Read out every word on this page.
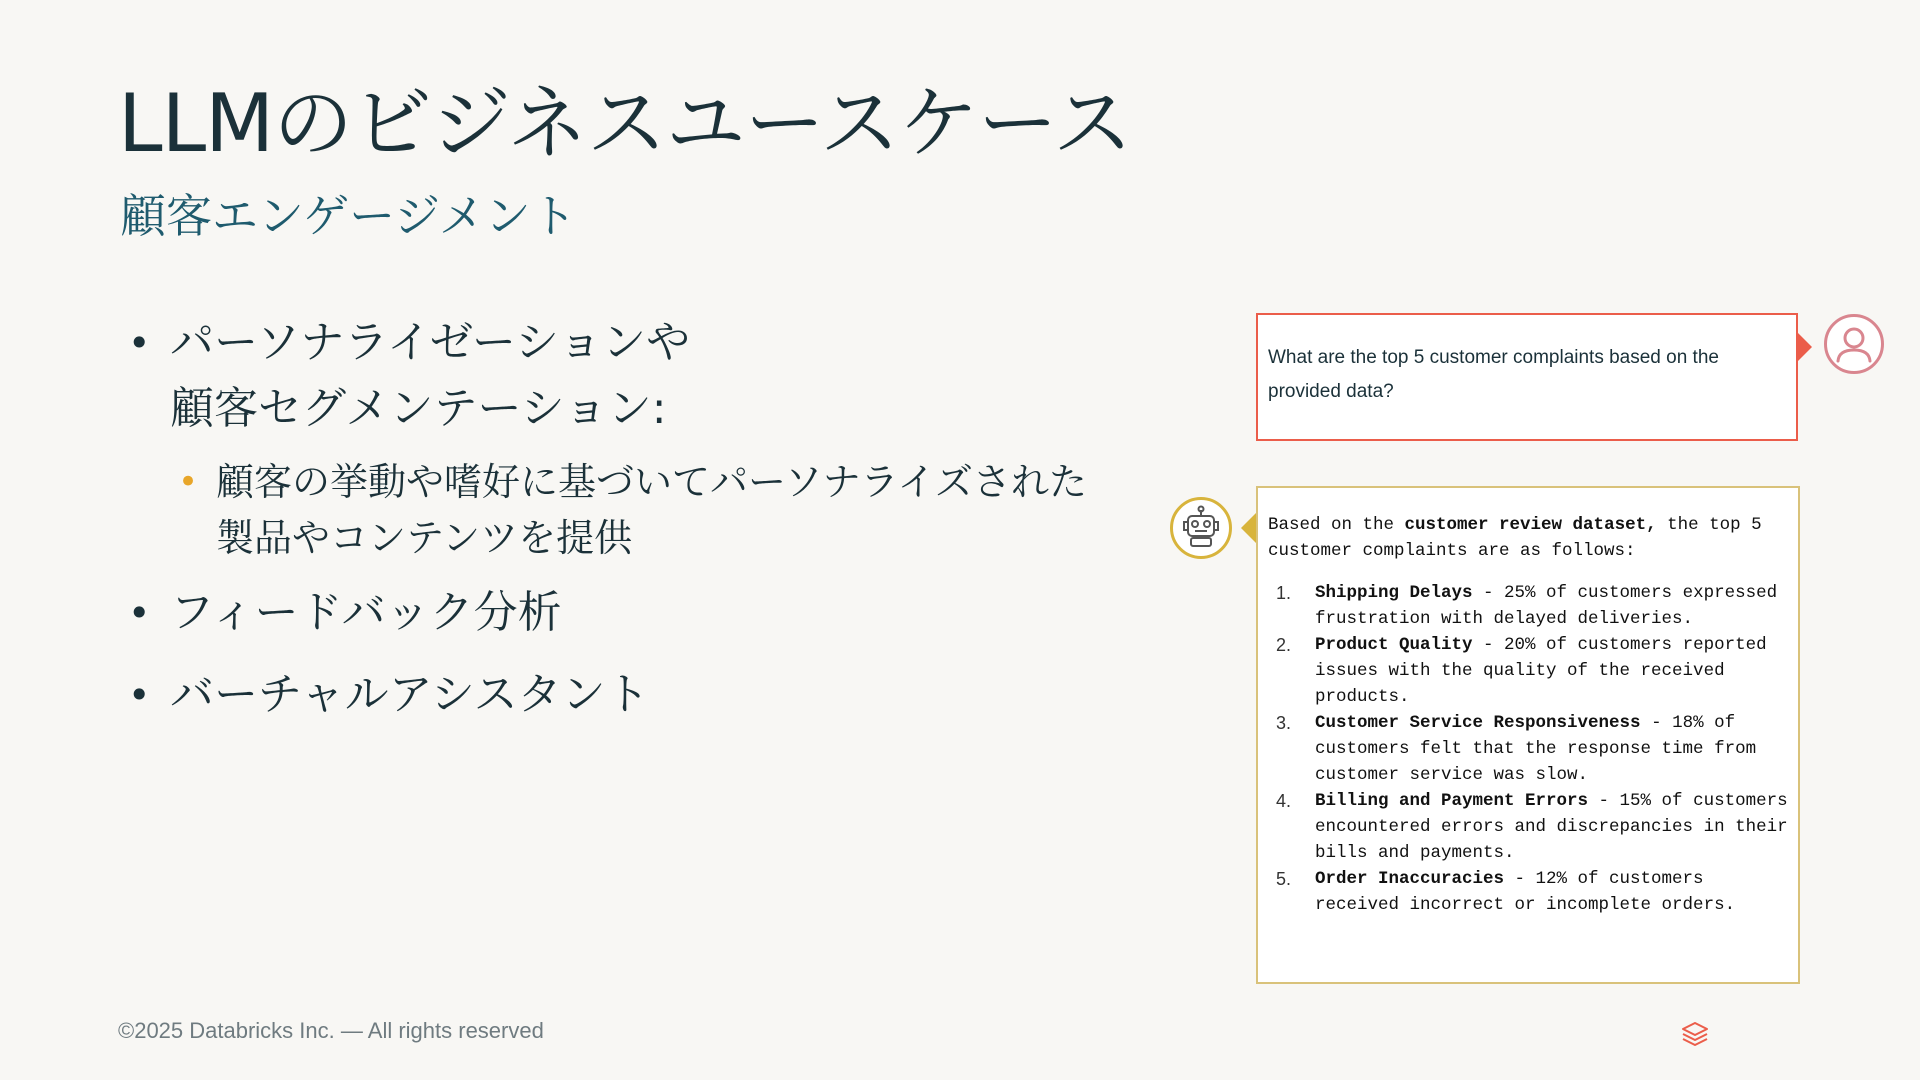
LLMのビジネスユースケース
顧客エンゲージメント
• パーソナライゼーションや
顧客セグメンテーション:
• 顧客の挙動や嗜好に基づいてパーソナライズされた
製品やコンテンツを提供
• フィードバック分析
• バーチャルアシスタント
What are the top 5 customer complaints based on the provided data?

Based on the customer review dataset, the top 5 customer complaints are as follows:

1. Shipping Delays - 25% of customers expressed frustration with delayed deliveries.
2. Product Quality - 20% of customers reported issues with the quality of the received products.
3. Customer Service Responsiveness - 18% of customers felt that the response time from customer service was slow.
4. Billing and Payment Errors - 15% of customers encountered errors and discrepancies in their bills and payments.
5. Order Inaccuracies - 12% of customers received incorrect or incomplete orders.
©2025 Databricks Inc. — All rights reserved
